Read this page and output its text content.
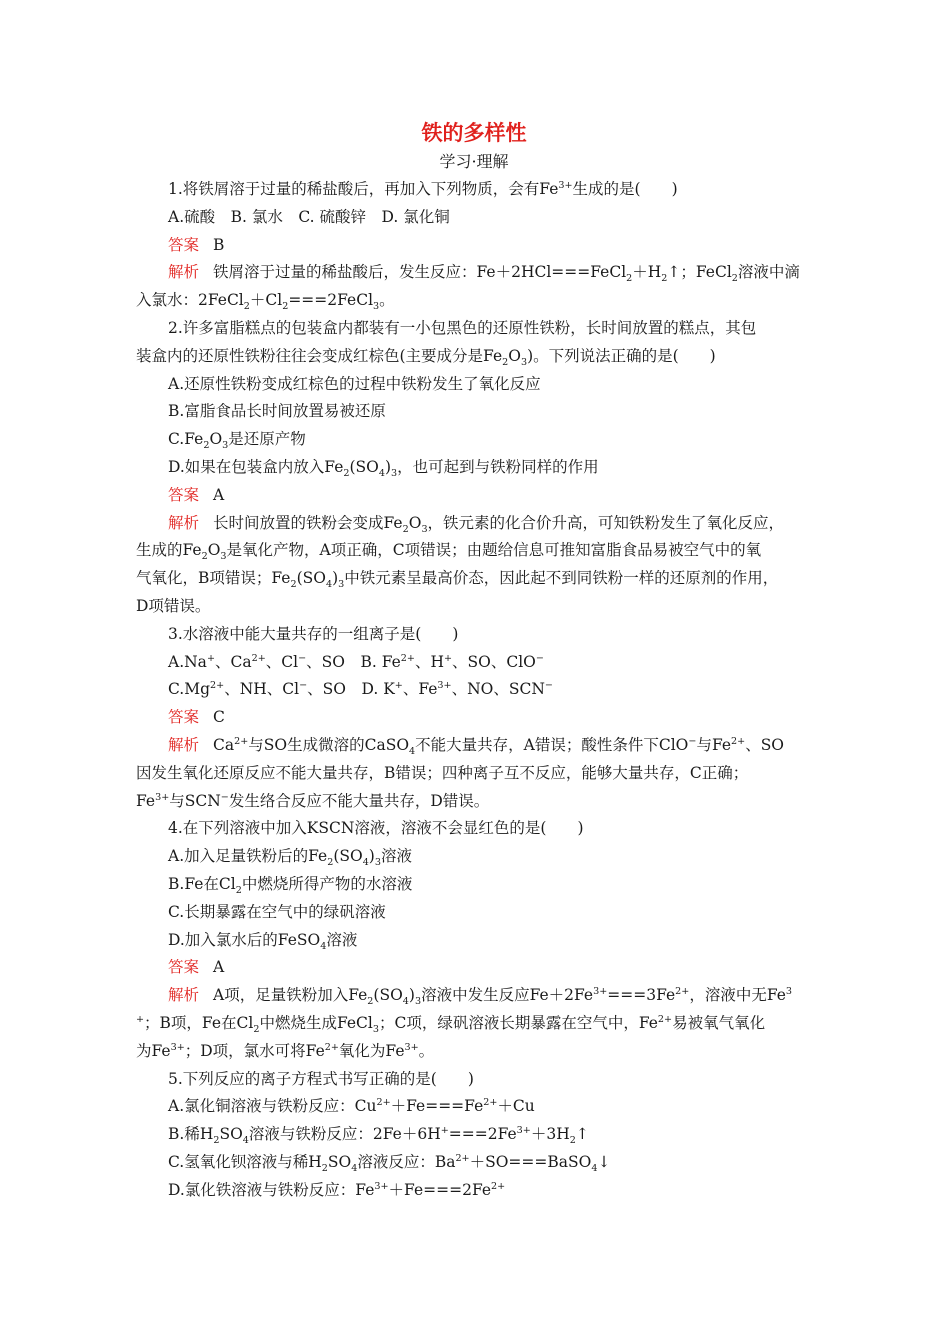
铁的多样性
学习·理解
1.将铁屑溶于过量的稀盐酸后，再加入下列物质，会有$Fe^{3+}$生成的是(　　)
A.硫酸　B. 氯水　C. 硫酸锌　D. 氯化铜
答案 B
解析 铁屑溶于过量的稀盐酸后，发生反应：$Fe+2HCl===FeCl_2+H_2↑$；FeCl$_2$溶液中滴
入氯水：$2FeCl_2+Cl_2===2FeCl_3$。
2.许多富脂糕点的包装盒内都装有一小包黑色的还原性铁粉，长时间放置的糕点，其包
装盒内的还原性铁粉往往会变成红棕色(主要成分是$Fe_2O_3$)。下列说法正确的是(　　)
A.还原性铁粉变成红棕色的过程中铁粉发生了氧化反应
B.富脂食品长时间放置易被还原
$C.Fe_2O_3$是还原产物
D.如果在包装盒内放入$Fe_2(SO_4)_3$，也可起到与铁粉同样的作用
答案 A
解析 长时间放置的铁粉会变成$Fe_2O_3$，铁元素的化合价升高，可知铁粉发生了氧化反应，
生成的$Fe_2O_3$是氧化产物，A项正确，C项错误；由题给信息可推知富脂食品易被空气中的氧
气氧化，B项错误；$Fe_2(SO_4)_3$中铁元素呈最高价态，因此起不到同铁粉一样的还原剂的作用，
D项错误。
3.水溶液中能大量共存的一组离子是(　　)
A.Na+、$Ca^{2+}$、Cl−、SO　B. $Fe^{2+}$、H+、SO、ClO−
$C.Mg^{2+}$、NH、Cl−、SO　D. K+、$Fe^{3+}$、NO、SCN−
答案 C
解析 $Ca^{2+}$与SO生成微溶的CaSO$_4$不能大量共存，A错误；酸性条件下ClO−与$Fe^{2+}$、SO
因发生氧化还原反应不能大量共存，B错误；四种离子互不反应，能够大量共存，C正确；
$Fe^{3+}$与SCN−发生络合反应不能大量共存，D错误。
4.在下列溶液中加入KSCN溶液，溶液不会显红色的是(　　)
A.加入足量铁粉后的$Fe_2(SO_4)_3$溶液
B.Fe在$Cl_2$中燃烧所得产物的水溶液
C.长期暴露在空气中的绿矾溶液
D.加入氯水后的FeSO$_4$溶液
答案 A
解析 A项，足量铁粉加入$Fe_2(SO_4)_3$溶液中发生反应$Fe+2Fe^{3+}===3Fe^{2+}$，溶液中无Fe$^3$
+；B项，Fe在$Cl_2$中燃烧生成FeCl$_3$；C项，绿矾溶液长期暴露在空气中，$Fe^{2+}$易被氧气氧化
为$Fe^{3+}$；D项，氯水可将$Fe^{2+}$氧化为$Fe^{3+}$。
5.下列反应的离子方程式书写正确的是(　　)
A.氯化铜溶液与铁粉反应：$Cu^{2+}+Fe===Fe^{2+}+Cu$
B.稀$H_2SO_4$溶液与铁粉反应：$2Fe+6H^+===2Fe^{3+}+3H_2↑$
C.氢氧化钡溶液与稀$H_2SO_4$溶液反应：$Ba^{2+}+SO===BaSO_4↓$
D.氯化铁溶液与铁粉反应：$Fe^{3+}+Fe===2Fe^{2+}$
